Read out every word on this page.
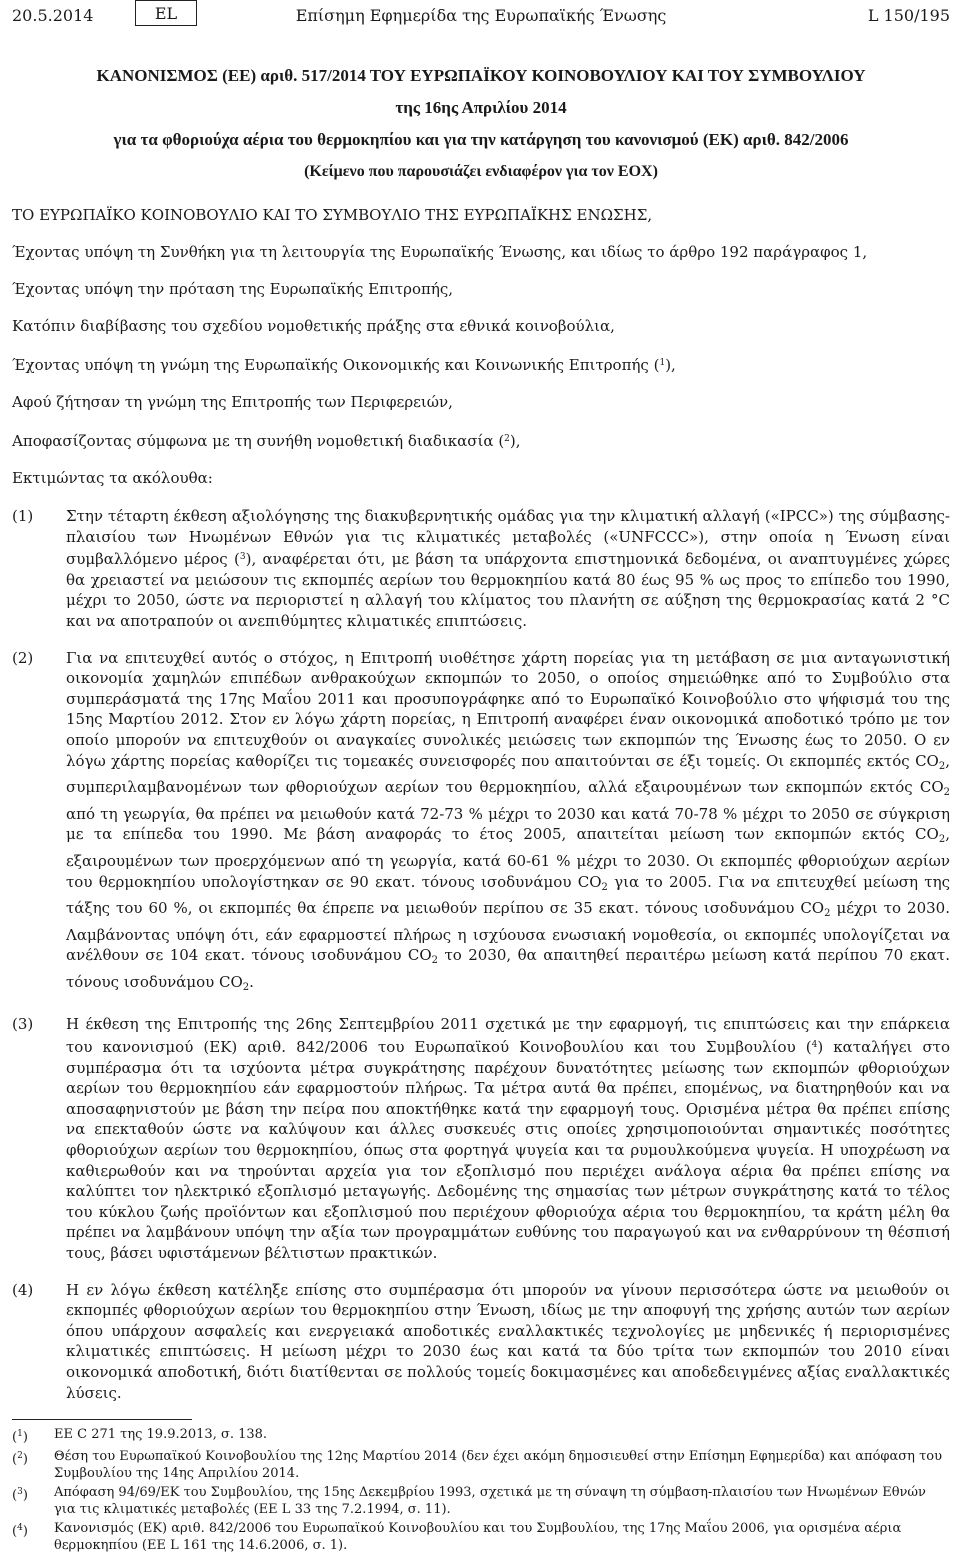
Επίσημη Εφημερίδα της Ευρωπαϊκής Ένωσης
20.5.2014	EL	L 150/195
ΚΑΝΟΝΙΣΜΟΣ (ΕΕ) αριθ. 517/2014 ΤΟΥ ΕΥΡΩΠΑΪΚΟΥ ΚΟΙΝΟΒΟΥΛΙΟΥ ΚΑΙ ΤΟΥ ΣΥΜΒΟΥΛΙΟΥ
της 16ης Απριλίου 2014
για τα φθοριούχα αέρια του θερμοκηπίου και για την κατάργηση του κανονισμού (ΕΚ) αριθ. 842/2006
(Κείμενο που παρουσιάζει ενδιαφέρον για τον ΕΟΧ)

ΤΟ ΕΥΡΩΠΑΪΚΟ ΚΟΙΝΟΒΟΥΛΙΟ ΚΑΙ ΤΟ ΣΥΜΒΟΥΛΙΟ ΤΗΣ ΕΥΡΩΠΑΪΚΗΣ ΕΝΩΣΗΣ,

Έχοντας υπόψη τη Συνθήκη για τη λειτουργία της Ευρωπαϊκής Ένωσης, και ιδίως το άρθρο 192 παράγραφος 1,

Έχοντας υπόψη την πρόταση της Ευρωπαϊκής Επιτροπής,

Κατόπιν διαβίβασης του σχεδίου νομοθετικής πράξης στα εθνικά κοινοβούλια,

Έχοντας υπόψη τη γνώμη της Ευρωπαϊκής Οικονομικής και Κοινωνικής Επιτροπής ($^1$),

Αφού ζήτησαν τη γνώμη της Επιτροπής των Περιφερειών,

Αποφασίζοντας σύμφωνα με τη συνήθη νομοθετική διαδικασία ($^2$),

Εκτιμώντας τα ακόλουθα:

(1)	Στην τέταρτη έκθεση αξιολόγησης της διακυβερνητικής ομάδας για την κλιματική αλλαγή («IPCC») της σύμβασης-πλαισίου των Ηνωμένων Εθνών για τις κλιματικές μεταβολές («UNFCCC»), στην οποία η Ένωση είναι συμβαλλόμενο μέρος ($^3$), αναφέρεται ότι, με βάση τα υπάρχοντα επιστημονικά δεδομένα, οι αναπτυγμένες χώρες θα χρειαστεί να μειώσουν τις εκπομπές αερίων του θερμοκηπίου κατά 80 έως 95 % ως προς το επίπεδο του 1990, μέχρι το 2050, ώστε να περιοριστεί η αλλαγή του κλίματος του πλανήτη σε αύξηση της θερμοκρασίας κατά 2 °C και να αποτραπούν οι ανεπιθύμητες κλιματικές επιπτώσεις.
(2)	Για να επιτευχθεί αυτός ο στόχος, η Επιτροπή υιοθέτησε χάρτη πορείας για τη μετάβαση σε μια ανταγωνιστική οικονομία χαμηλών επιπέδων ανθρακούχων εκπομπών το 2050, ο οποίος σημειώθηκε από το Συμβούλιο στα συμπεράσματά της 17ης Μαΐου 2011 και προσυπογράφηκε από το Ευρωπαϊκό Κοινοβούλιο στο ψήφισμά του της 15ης Μαρτίου 2012. Στον εν λόγω χάρτη πορείας, η Επιτροπή αναφέρει έναν οικονομικά αποδοτικό τρόπο με τον οποίο μπορούν να επιτευχθούν οι αναγκαίες συνολικές μειώσεις των εκπομπών της Ένωσης έως το 2050. Ο εν λόγω χάρτης πορείας καθορίζει τις τομεακές συνεισφορές που απαιτούνται σε έξι τομείς. Οι εκπομπές εκτός $CO_2$, συμπεριλαμβανομένων των φθοριούχων αερίων του θερμοκηπίου, αλλά εξαιρουμένων των εκπομπών εκτός $CO_2$ από τη γεωργία, θα πρέπει να μειωθούν κατά 72-73 % μέχρι το 2030 και κατά 70-78 % μέχρι το 2050 σε σύγκριση με τα επίπεδα του 1990. Με βάση αναφοράς το έτος 2005, απαιτείται μείωση των εκπομπών εκτός $CO_2$, εξαιρουμένων των προερχόμενων από τη γεωργία, κατά 60-61 % μέχρι το 2030. Οι εκπομπές φθοριούχων αερίων του θερμοκηπίου υπολογίστηκαν σε 90 εκατ. τόνους ισοδυνάμου $CO_2$ για το 2005. Για να επιτευχθεί μείωση της τάξης του 60 %, οι εκπομπές θα έπρεπε να μειωθούν περίπου σε 35 εκατ. τόνους ισοδυνάμου $CO_2$ μέχρι το 2030. Λαμβάνοντας υπόψη ότι, εάν εφαρμοστεί πλήρως η ισχύουσα ενωσιακή νομοθεσία, οι εκπομπές υπολογίζεται να ανέλθουν σε 104 εκατ. τόνους ισοδυνάμου $CO_2$ το 2030, θα απαιτηθεί περαιτέρω μείωση κατά περίπου 70 εκατ. τόνους ισοδυνάμου $CO_2$.
(3)	Η έκθεση της Επιτροπής της 26ης Σεπτεμβρίου 2011 σχετικά με την εφαρμογή, τις επιπτώσεις και την επάρκεια του κανονισμού (ΕΚ) αριθ. 842/2006 του Ευρωπαϊκού Κοινοβουλίου και του Συμβουλίου ($^4$) καταλήγει στο συμπέρασμα ότι τα ισχύοντα μέτρα συγκράτησης παρέχουν δυνατότητες μείωσης των εκπομπών φθοριούχων αερίων του θερμοκηπίου εάν εφαρμοστούν πλήρως. Τα μέτρα αυτά θα πρέπει, επομένως, να διατηρηθούν και να αποσαφηνιστούν με βάση την πείρα που αποκτήθηκε κατά την εφαρμογή τους. Ορισμένα μέτρα θα πρέπει επίσης να επεκταθούν ώστε να καλύψουν και άλλες συσκευές στις οποίες χρησιμοποιούνται σημαντικές ποσότητες φθοριούχων αερίων του θερμοκηπίου, όπως στα φορτηγά ψυγεία και τα ρυμουλκούμενα ψυγεία. Η υποχρέωση να καθιερωθούν και να τηρούνται αρχεία για τον εξοπλισμό που περιέχει ανάλογα αέρια θα πρέπει επίσης να καλύπτει τον ηλεκτρικό εξοπλισμό μεταγωγής. Δεδομένης της σημασίας των μέτρων συγκράτησης κατά το τέλος του κύκλου ζωής προϊόντων και εξοπλισμού που περιέχουν φθοριούχα αέρια του θερμοκηπίου, τα κράτη μέλη θα πρέπει να λαμβάνουν υπόψη την αξία των προγραμμάτων ευθύνης του παραγωγού και να ενθαρρύνουν τη θέσπισή τους, βάσει υφιστάμενων βέλτιστων πρακτικών.
(4)	Η εν λόγω έκθεση κατέληξε επίσης στο συμπέρασμα ότι μπορούν να γίνουν περισσότερα ώστε να μειωθούν οι εκπομπές φθοριούχων αερίων του θερμοκηπίου στην Ένωση, ιδίως με την αποφυγή της χρήσης αυτών των αερίων όπου υπάρχουν ασφαλείς και ενεργειακά αποδοτικές εναλλακτικές τεχνολογίες με μηδενικές ή περιορισμένες κλιματικές επιπτώσεις. Η μείωση μέχρι το 2030 έως και κατά τα δύο τρίτα των εκπομπών του 2010 είναι οικονομικά αποδοτική, διότι διατίθενται σε πολλούς τομείς δοκιμασμένες και αποδεδειγμένες αξίας εναλλακτικές λύσεις.
($^1$)	ΕΕ C 271 της 19.9.2013, σ. 138.
($^2$)	Θέση του Ευρωπαϊκού Κοινοβουλίου της 12ης Μαρτίου 2014 (δεν έχει ακόμη δημοσιευθεί στην Επίσημη Εφημερίδα) και απόφαση του Συμβουλίου της 14ης Απριλίου 2014.
($^3$)	Απόφαση 94/69/ΕΚ του Συμβουλίου, της 15ης Δεκεμβρίου 1993, σχετικά με τη σύναψη τη σύμβαση-πλαισίου των Ηνωμένων Εθνών για τις κλιματικές μεταβολές (ΕΕ L 33 της 7.2.1994, σ. 11).
($^4$)	Κανονισμός (ΕΚ) αριθ. 842/2006 του Ευρωπαϊκού Κοινοβουλίου και του Συμβουλίου, της 17ης Μαΐου 2006, για ορισμένα αέρια θερμοκηπίου (ΕΕ L 161 της 14.6.2006, σ. 1).
